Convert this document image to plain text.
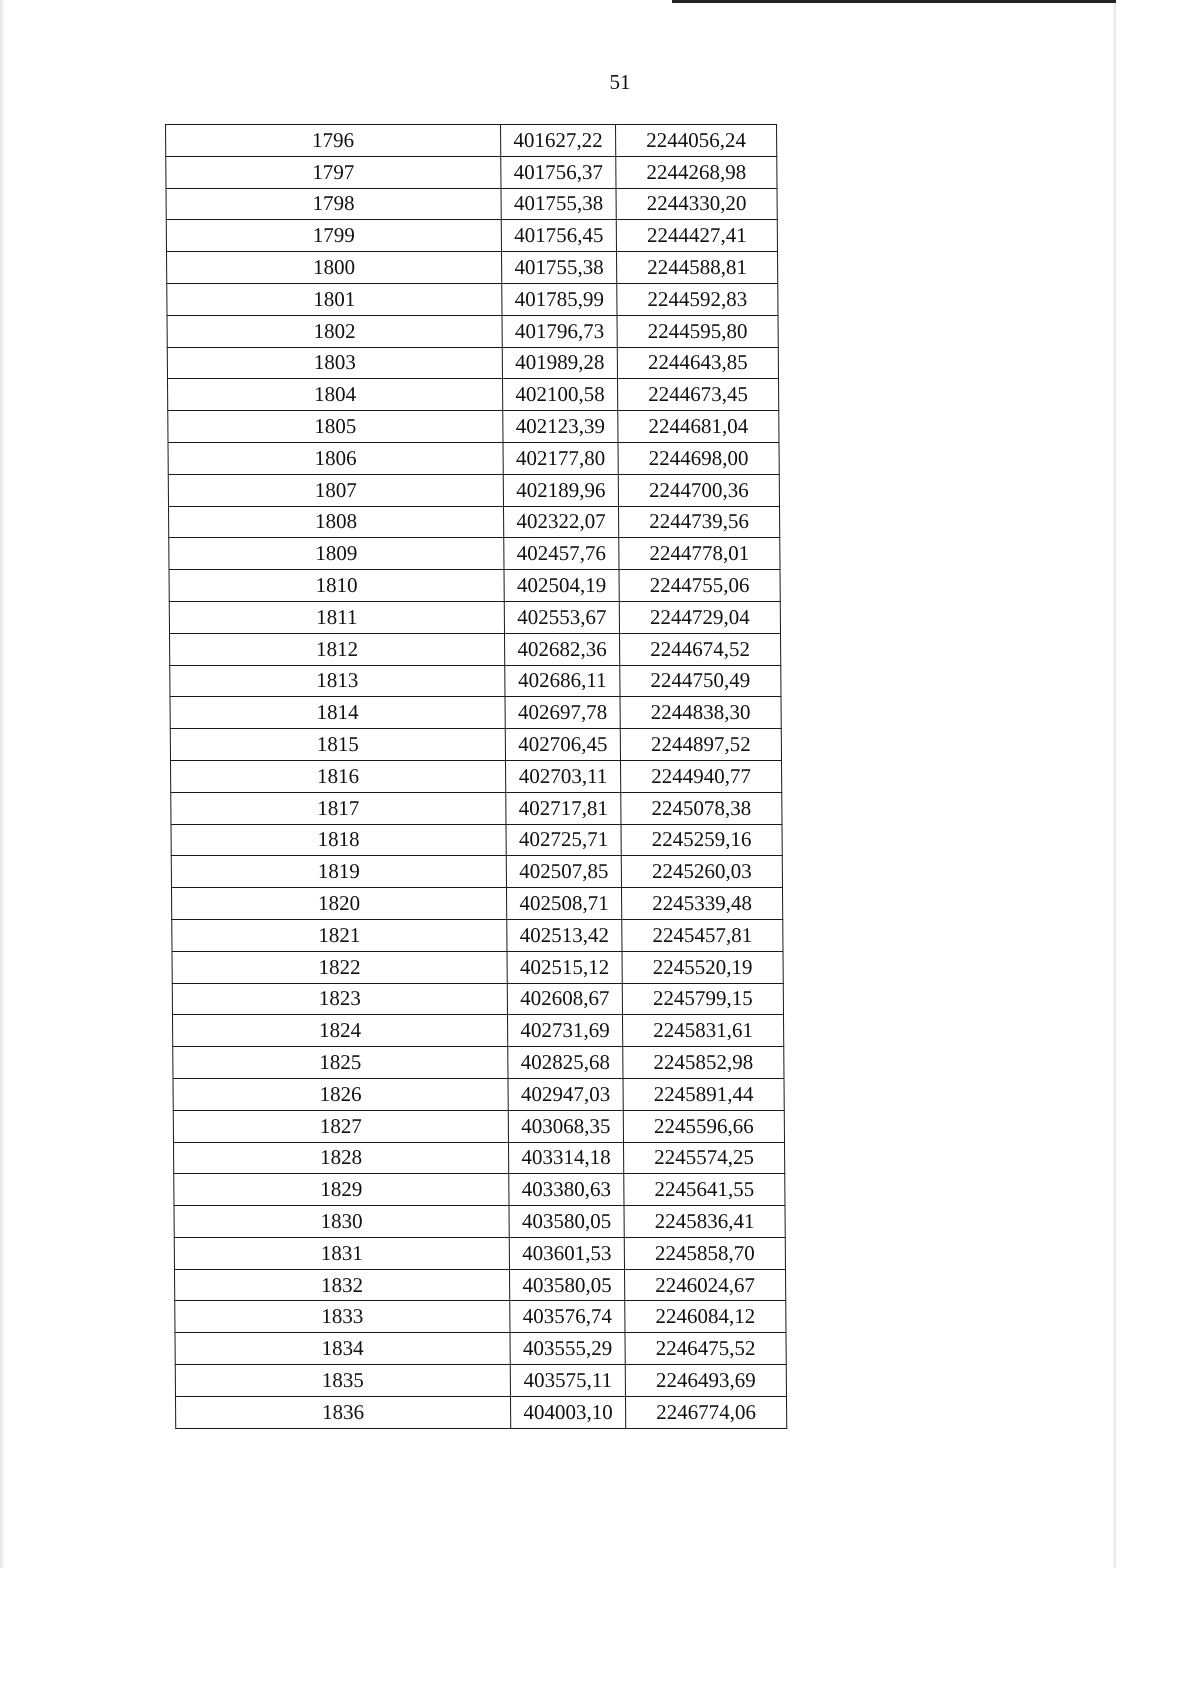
51
1796	401627,22	2244056,24
1797	401756,37	2244268,98
1798	401755,38	2244330,20
1799	401756,45	2244427,41
1800	401755,38	2244588,81
1801	401785,99	2244592,83
1802	401796,73	2244595,80
1803	401989,28	2244643,85
1804	402100,58	2244673,45
1805	402123,39	2244681,04
1806	402177,80	2244698,00
1807	402189,96	2244700,36
1808	402322,07	2244739,56
1809	402457,76	2244778,01
1810	402504,19	2244755,06
1811	402553,67	2244729,04
1812	402682,36	2244674,52
1813	402686,11	2244750,49
1814	402697,78	2244838,30
1815	402706,45	2244897,52
1816	402703,11	2244940,77
1817	402717,81	2245078,38
1818	402725,71	2245259,16
1819	402507,85	2245260,03
1820	402508,71	2245339,48
1821	402513,42	2245457,81
1822	402515,12	2245520,19
1823	402608,67	2245799,15
1824	402731,69	2245831,61
1825	402825,68	2245852,98
1826	402947,03	2245891,44
1827	403068,35	2245596,66
1828	403314,18	2245574,25
1829	403380,63	2245641,55
1830	403580,05	2245836,41
1831	403601,53	2245858,70
1832	403580,05	2246024,67
1833	403576,74	2246084,12
1834	403555,29	2246475,52
1835	403575,11	2246493,69
1836	404003,10	2246774,06
